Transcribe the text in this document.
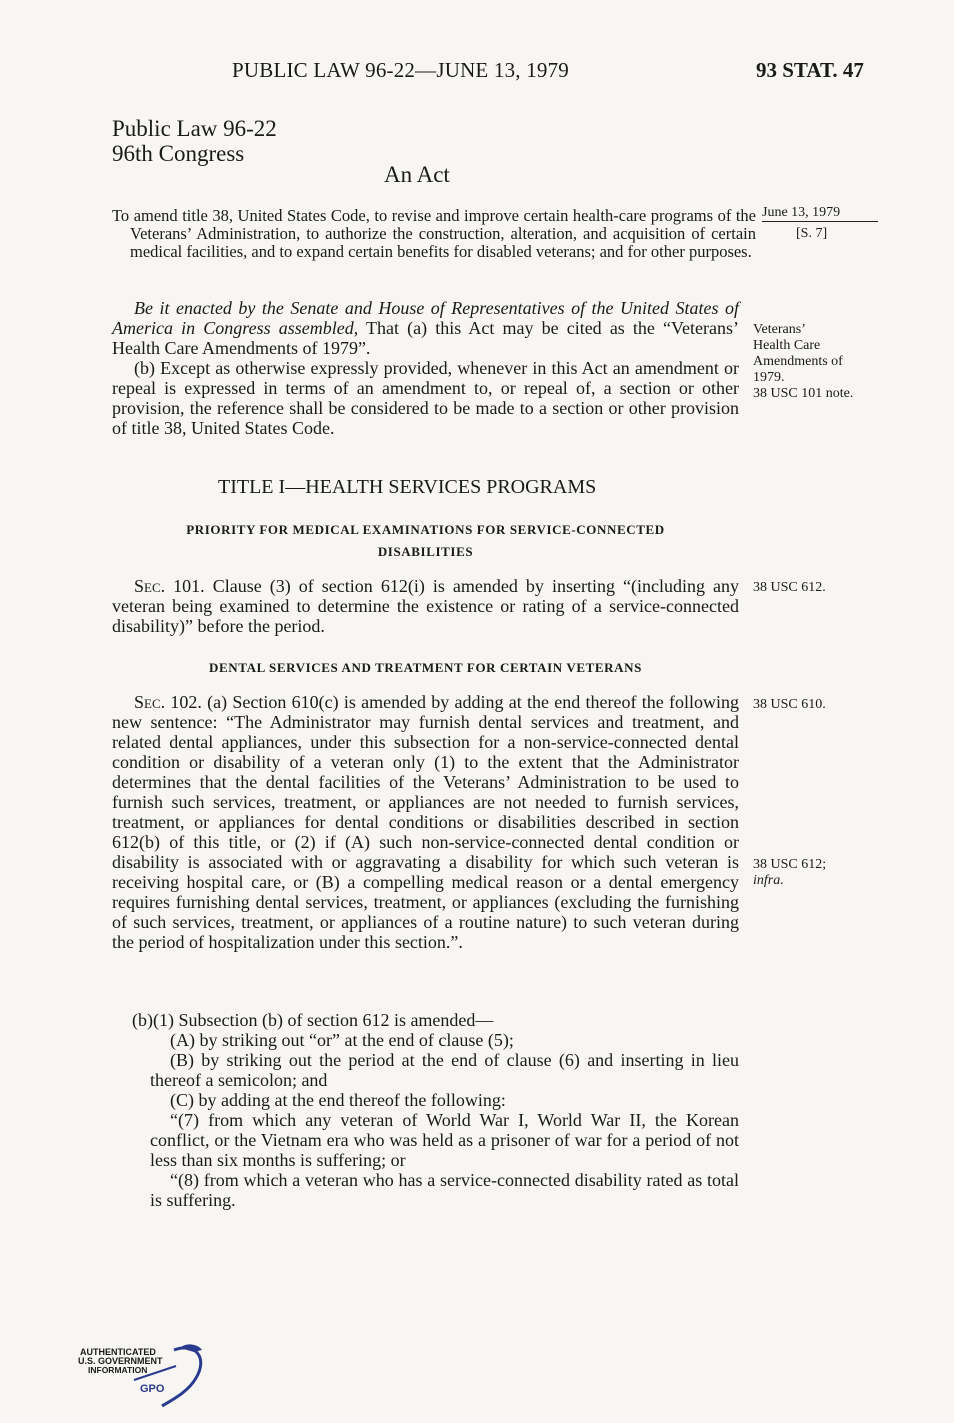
PUBLIC LAW 96-22—JUNE 13, 1979	93 STAT. 47
Public Law 96-22
96th Congress
An Act
To amend title 38, United States Code, to revise and improve certain health-care programs of the Veterans’ Administration, to authorize the construction, alteration, and acquisition of certain medical facilities, and to expand certain benefits for disabled veterans; and for other purposes.
June 13, 1979
[S. 7]
Be it enacted by the Senate and House of Representatives of the United States of America in Congress assembled, That (a) this Act may be cited as the “Veterans’ Health Care Amendments of 1979”.
Veterans’
Health Care
Amendments of
1979.
38 USC 101 note.
(b) Except as otherwise expressly provided, whenever in this Act an amendment or repeal is expressed in terms of an amendment to, or repeal of, a section or other provision, the reference shall be considered to be made to a section or other provision of title 38, United States Code.
TITLE I—HEALTH SERVICES PROGRAMS
PRIORITY FOR MEDICAL EXAMINATIONS FOR SERVICE-CONNECTED
DISABILITIES
Sec. 101. Clause (3) of section 612(i) is amended by inserting “(including any veteran being examined to determine the existence or rating of a service-connected disability)” before the period.
38 USC 612.
DENTAL SERVICES AND TREATMENT FOR CERTAIN VETERANS
Sec. 102. (a) Section 610(c) is amended by adding at the end thereof the following new sentence: “The Administrator may furnish dental services and treatment, and related dental appliances, under this subsection for a non-service-connected dental condition or disability of a veteran only (1) to the extent that the Administrator determines that the dental facilities of the Veterans’ Administration to be used to furnish such services, treatment, or appliances are not needed to furnish services, treatment, or appliances for dental conditions or disabilities described in section 612(b) of this title, or (2) if (A) such non-service-connected dental condition or disability is associated with or aggravating a disability for which such veteran is receiving hospital care, or (B) a compelling medical reason or a dental emergency requires furnishing dental services, treatment, or appliances (excluding the furnishing of such services, treatment, or appliances of a routine nature) to such veteran during the period of hospitalization under this section.”.
38 USC 610.
38 USC 612;
infra.

(b)(1) Subsection (b) of section 612 is amended—

(A) by striking out “or” at the end of clause (5);

(B) by striking out the period at the end of clause (6) and inserting in lieu thereof a semicolon; and

(C) by adding at the end thereof the following:

“(7) from which any veteran of World War I, World War II, the Korean conflict, or the Vietnam era who was held as a prisoner of war for a period of not less than six months is suffering; or

“(8) from which a veteran who has a service-connected disability rated as total is suffering.

AUTHENTICATED
U.S. GOVERNMENT
INFORMATION
GPO
